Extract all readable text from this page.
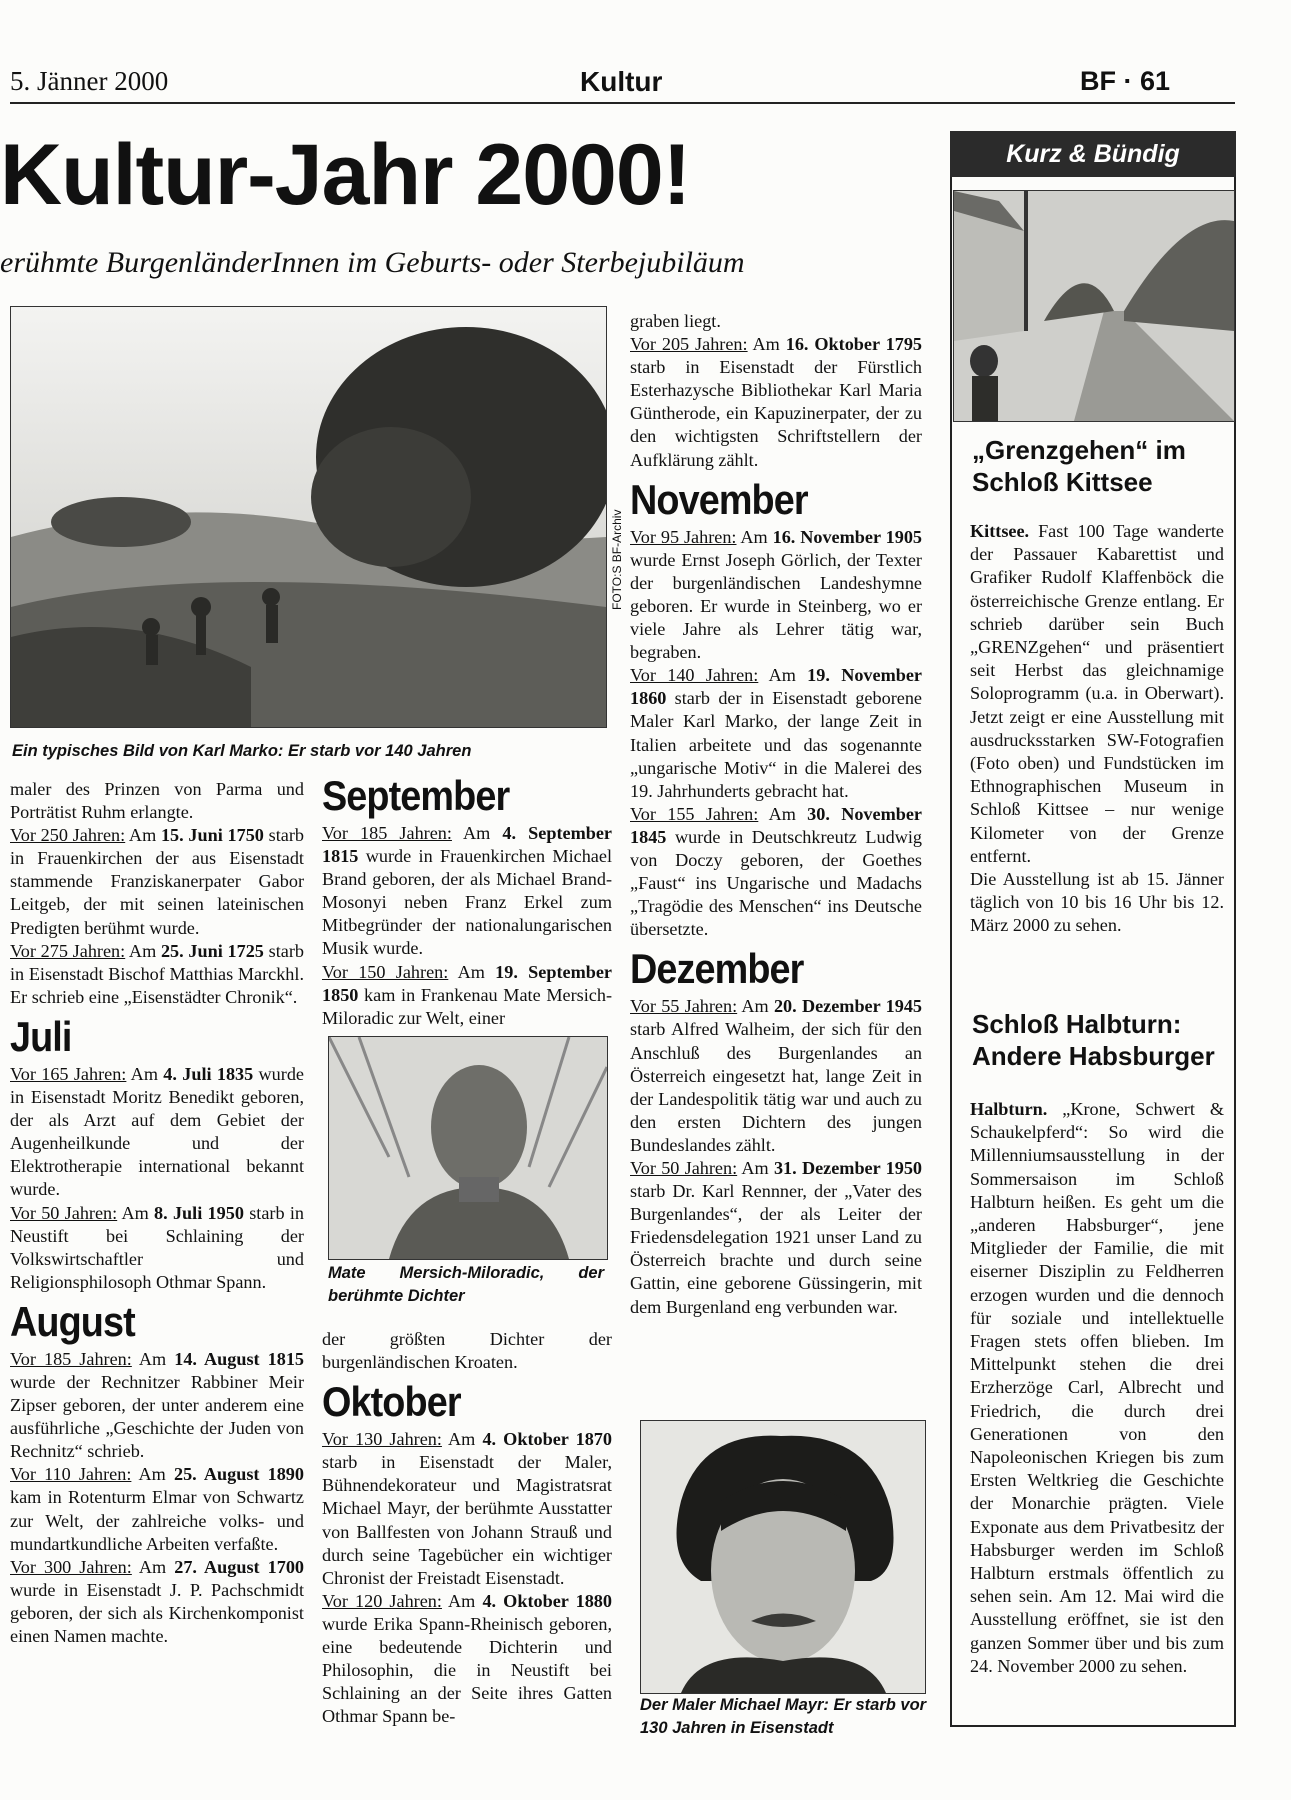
5. Jänner 2000	Kultur	BF · 61
Kultur-Jahr 2000!
erühmte BurgenländerInnen im Geburts- oder Sterbejubiläum
FOTO:S BF-Archiv
Ein typisches Bild von Karl Marko: Er starb vor 140 Jahren

maler des Prinzen von Parma und Porträtist Ruhm erlangte.

Vor 250 Jahren: Am 15. Juni 1750 starb in Frauenkirchen der aus Eisenstadt stammende Franziskanerpater Gabor Leitgeb, der mit seinen lateinischen Predigten berühmt wurde.

Vor 275 Jahren: Am 25. Juni 1725 starb in Eisenstadt Bischof Matthias Marckhl. Er schrieb eine „Eisenstädter Chronik“.

Juli

Vor 165 Jahren: Am 4. Juli 1835 wurde in Eisenstadt Moritz Benedikt geboren, der als Arzt auf dem Gebiet der Augenheilkunde und der Elektrotherapie international bekannt wurde.

Vor 50 Jahren: Am 8. Juli 1950 starb in Neustift bei Schlaining der Volkswirtschaftler und Religionsphilosoph Othmar Spann.

August

Vor 185 Jahren: Am 14. August 1815 wurde der Rechnitzer Rabbiner Meir Zipser geboren, der unter anderem eine ausführliche „Geschichte der Juden von Rechnitz“ schrieb.

Vor 110 Jahren: Am 25. August 1890 kam in Rotenturm Elmar von Schwartz zur Welt, der zahlreiche volks- und mundartkundliche Arbeiten verfaßte.

Vor 300 Jahren: Am 27. August 1700 wurde in Eisenstadt J. P. Pachschmidt geboren, der sich als Kirchenkomponist einen Namen machte.

September

Vor 185 Jahren: Am 4. September 1815 wurde in Frauenkirchen Michael Brand geboren, der als Michael Brand-Mosonyi neben Franz Erkel zum Mitbegründer der nationalungarischen Musik wurde.

Vor 150 Jahren: Am 19. September 1850 kam in Frankenau Mate Mersich-Miloradic zur Welt, einer

Mate Mersich-Miloradic, der berühmte Dichter

der größten Dichter der burgenländischen Kroaten.

Oktober

Vor 130 Jahren: Am 4. Oktober 1870 starb in Eisenstadt der Maler, Bühnendekorateur und Magistratsrat Michael Mayr, der berühmte Ausstatter von Ballfesten von Johann Strauß und durch seine Tagebücher ein wichtiger Chronist der Freistadt Eisenstadt.

Vor 120 Jahren: Am 4. Oktober 1880 wurde Erika Spann-Rheinisch geboren, eine bedeutende Dichterin und Philosophin, die in Neustift bei Schlaining an der Seite ihres Gatten Othmar Spann be-

graben liegt.

Vor 205 Jahren: Am 16. Oktober 1795 starb in Eisenstadt der Fürstlich Esterhazysche Bibliothekar Karl Maria Güntherode, ein Kapuzinerpater, der zu den wichtigsten Schriftstellern der Aufklärung zählt.

November

Vor 95 Jahren: Am 16. November 1905 wurde Ernst Joseph Görlich, der Texter der burgenländischen Landeshymne geboren. Er wurde in Steinberg, wo er viele Jahre als Lehrer tätig war, begraben.

Vor 140 Jahren: Am 19. November 1860 starb der in Eisenstadt geborene Maler Karl Marko, der lange Zeit in Italien arbeitete und das sogenannte „ungarische Motiv“ in die Malerei des 19. Jahrhunderts gebracht hat.

Vor 155 Jahren: Am 30. November 1845 wurde in Deutschkreutz Ludwig von Doczy geboren, der Goethes „Faust“ ins Ungarische und Madachs „Tragödie des Menschen“ ins Deutsche übersetzte.

Dezember

Vor 55 Jahren: Am 20. Dezember 1945 starb Alfred Walheim, der sich für den Anschluß des Burgenlandes an Österreich eingesetzt hat, lange Zeit in der Landespolitik tätig war und auch zu den ersten Dichtern des jungen Bundeslandes zählt.

Vor 50 Jahren: Am 31. Dezember 1950 starb Dr. Karl Rennner, der „Vater des Burgenlandes“, der als Leiter der Friedensdelegation 1921 unser Land zu Österreich brachte und durch seine Gattin, eine geborene Güssingerin, mit dem Burgenland eng verbunden war.

Der Maler Michael Mayr: Er starb vor 130 Jahren in Eisenstadt
Kurz & Bündig

„Grenzgehen“ im Schloß Kittsee

Kittsee. Fast 100 Tage wanderte der Passauer Kabarettist und Grafiker Rudolf Klaffenböck die österreichische Grenze entlang. Er schrieb darüber sein Buch „GRENZgehen“ und präsentiert seit Herbst das gleichnamige Soloprogramm (u.a. in Oberwart). Jetzt zeigt er eine Ausstellung mit ausdrucksstarken SW-Fotografien (Foto oben) und Fundstücken im Ethnographischen Museum in Schloß Kittsee – nur wenige Kilometer von der Grenze entfernt.

Die Ausstellung ist ab 15. Jänner täglich von 10 bis 16 Uhr bis 12. März 2000 zu sehen.

Schloß Halbturn: Andere Habsburger

Halbturn. „Krone, Schwert & Schaukelpferd“: So wird die Millenniumsausstellung in der Sommersaison im Schloß Halbturn heißen. Es geht um die „anderen Habsburger“, jene Mitglieder der Familie, die mit eiserner Disziplin zu Feldherren erzogen wurden und die dennoch für soziale und intellektuelle Fragen stets offen blieben. Im Mittelpunkt stehen die drei Erzherzöge Carl, Albrecht und Friedrich, die durch drei Generationen von den Napoleonischen Kriegen bis zum Ersten Weltkrieg die Geschichte der Monarchie prägten. Viele Exponate aus dem Privatbesitz der Habsburger werden im Schloß Halbturn erstmals öffentlich zu sehen sein. Am 12. Mai wird die Ausstellung eröffnet, sie ist den ganzen Sommer über und bis zum 24. November 2000 zu sehen.
